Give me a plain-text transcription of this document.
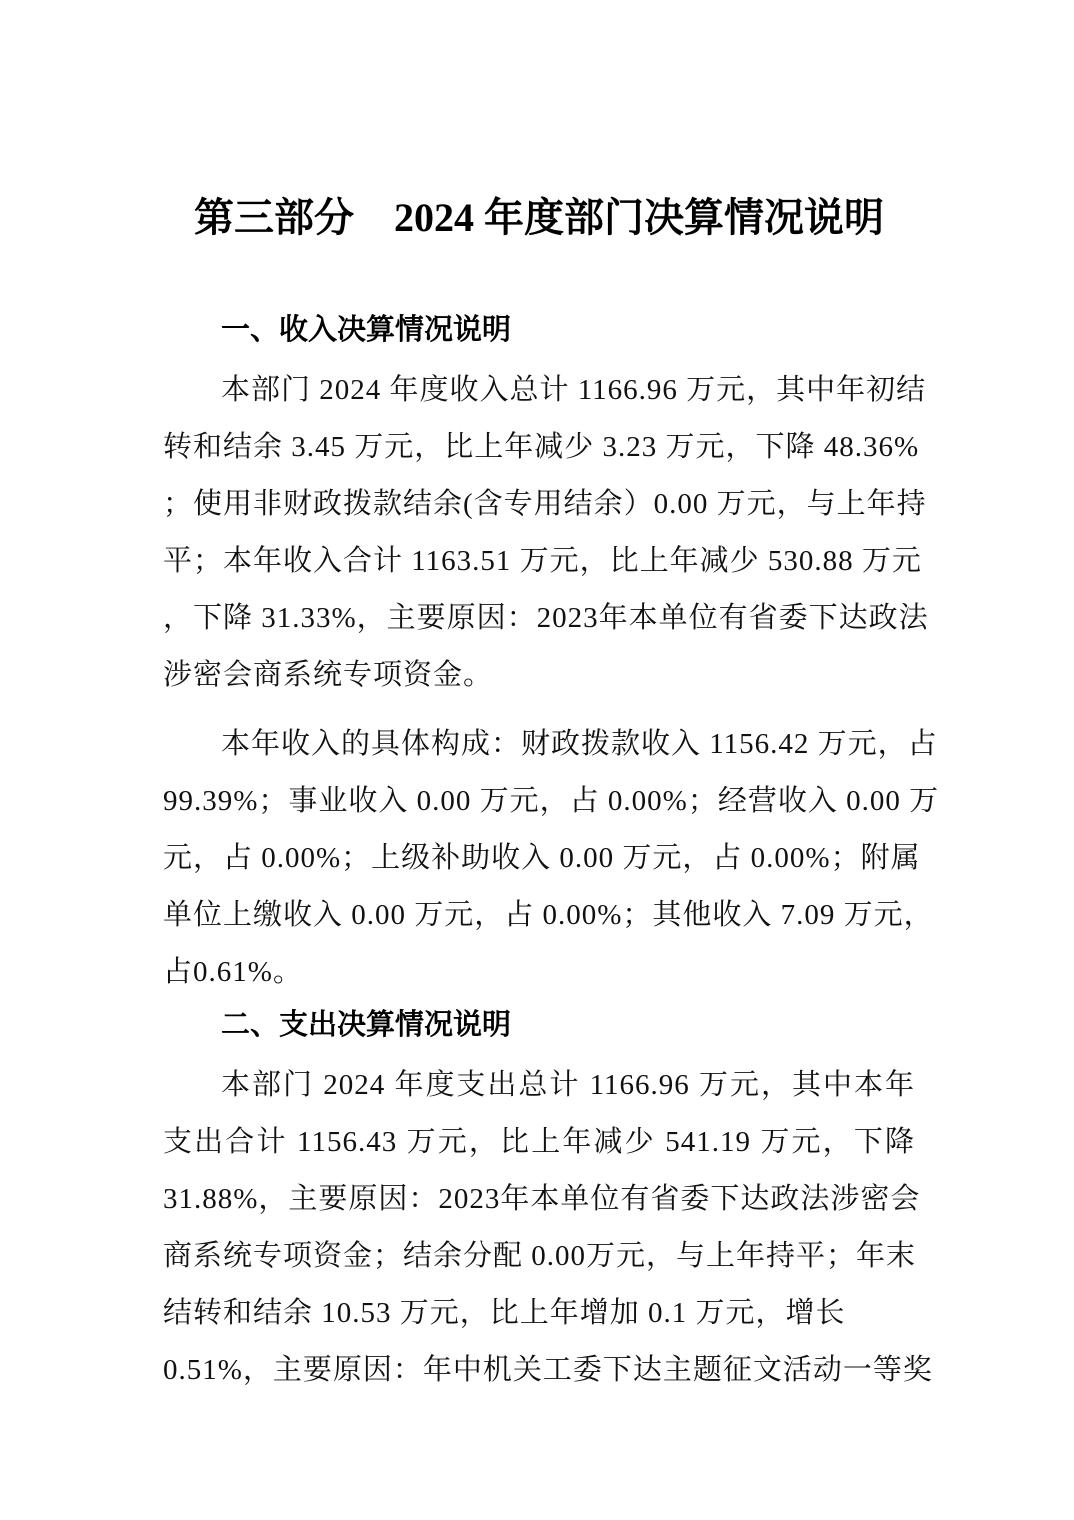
第三部分　2024 年度部门决算情况说明
一、收入决算情况说明
本部门 2024 年度收入总计 1166.96 万元，其中年初结
转和结余 3.45 万元，比上年减少 3.23 万元，下降 48.36%
；使用非财政拨款结余(含专用结余）0.00 万元，与上年持
平；本年收入合计 1163.51 万元，比上年减少 530.88 万元
，下降 31.33%，主要原因：2023年本单位有省委下达政法
涉密会商系统专项资金。
本年收入的具体构成：财政拨款收入 1156.42 万元，占
99.39%；事业收入 0.00 万元，占 0.00%；经营收入 0.00 万
元，占 0.00%；上级补助收入 0.00 万元，占 0.00%；附属
单位上缴收入 0.00 万元，占 0.00%；其他收入 7.09 万元，
占0.61%。
二、支出决算情况说明
本部门 2024 年度支出总计 1166.96 万元，其中本年
支出合计 1156.43 万元，比上年减少 541.19 万元，下降
31.88%，主要原因：2023年本单位有省委下达政法涉密会
商系统专项资金；结余分配 0.00万元，与上年持平；年末
结转和结余 10.53 万元，比上年增加 0.1 万元，增长
0.51%，主要原因：年中机关工委下达主题征文活动一等奖
